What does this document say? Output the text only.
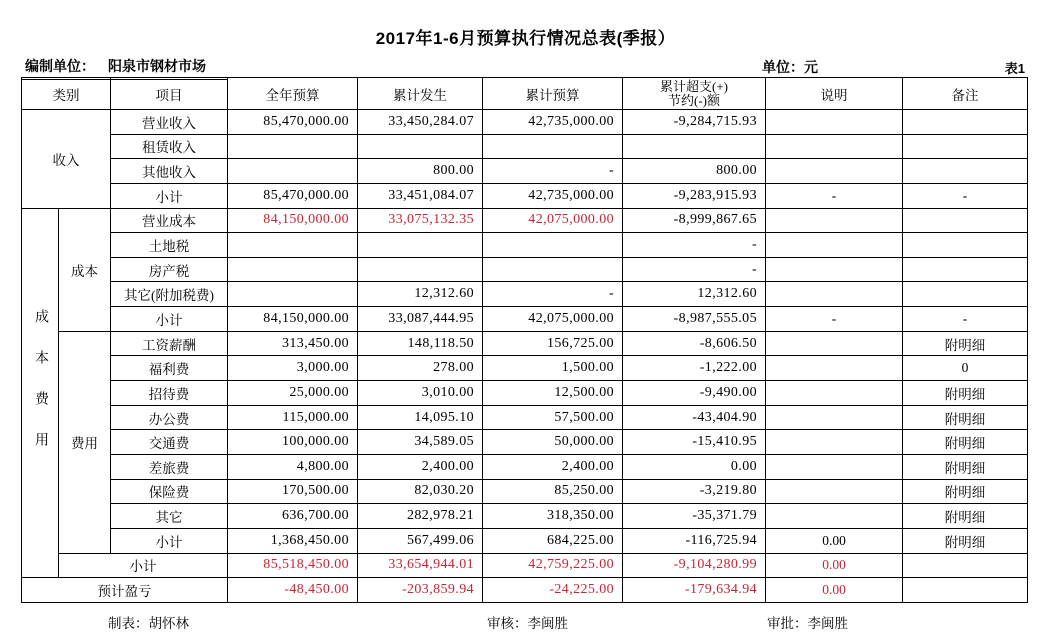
2017年1-6月预算执行情况总表(季报）
编制单位： 阳泉市钢材市场	单位：元	表1
类别		项目	全年预算	累计发生	累计预算	累计超支(+)
节约(-)额	说明	备注
收入		营业收入	85,470,000.00	33,450,284.07	42,735,000.00	-9,284,715.93		
		租赁收入						
		其他收入		800.00	-	800.00		
		小计	85,470,000.00	33,451,084.07	42,735,000.00	-9,283,915.93	-	-
成本费用	成本	营业成本	84,150,000.00	33,075,132.35	42,075,000.00	-8,999,867.65		
		土地税				-		
		房产税				-		
		其它(附加税费)		12,312.60	-	12,312.60		
		小计	84,150,000.00	33,087,444.95	42,075,000.00	-8,987,555.05	-	-
	费用	工资薪酬	313,450.00	148,118.50	156,725.00	-8,606.50		附明细
		福利费	3,000.00	278.00	1,500.00	-1,222.00		0
		招待费	25,000.00	3,010.00	12,500.00	-9,490.00		附明细
		办公费	115,000.00	14,095.10	57,500.00	-43,404.90		附明细
		交通费	100,000.00	34,589.05	50,000.00	-15,410.95		附明细
		差旅费	4,800.00	2,400.00	2,400.00	0.00		附明细
		保险费	170,500.00	82,030.20	85,250.00	-3,219.80		附明细
		其它	636,700.00	282,978.21	318,350.00	-35,371.79		附明细
		小计	1,368,450.00	567,499.06	684,225.00	-116,725.94	0.00	附明细
	小计		85,518,450.00	33,654,944.01	42,759,225.00	-9,104,280.99	0.00	
预计盈亏			-48,450.00	-203,859.94	-24,225.00	-179,634.94	0.00	
制表：胡怀林	审核：李闽胜	审批：李闽胜
